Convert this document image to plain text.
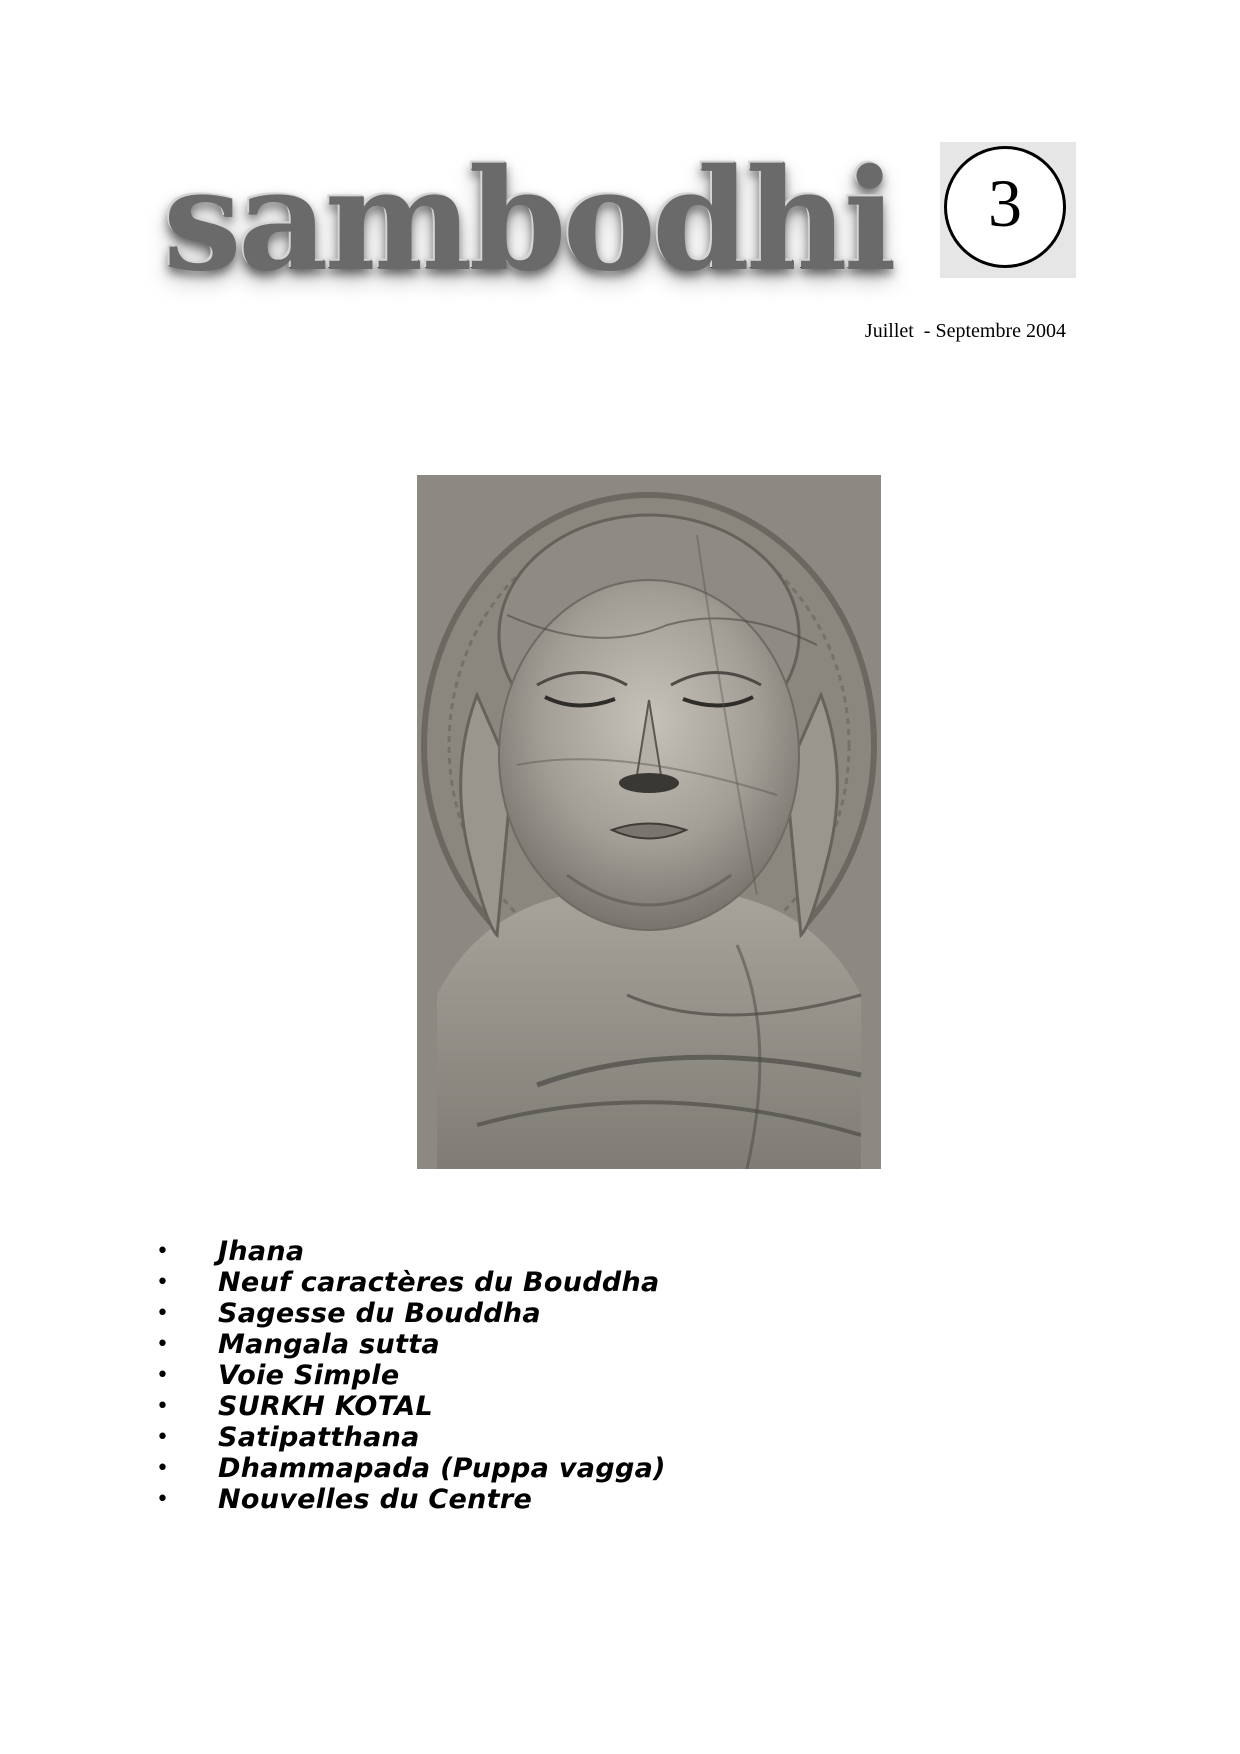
sambodhi 3
Juillet  - Septembre 2004
•	Jhana
•	Neuf caractères du Bouddha
•	Sagesse du Bouddha
•	Mangala sutta
•	Voie Simple
•	SURKH KOTAL
•	Satipatthana
•	Dhammapada (Puppa vagga)
•	Nouvelles du Centre
